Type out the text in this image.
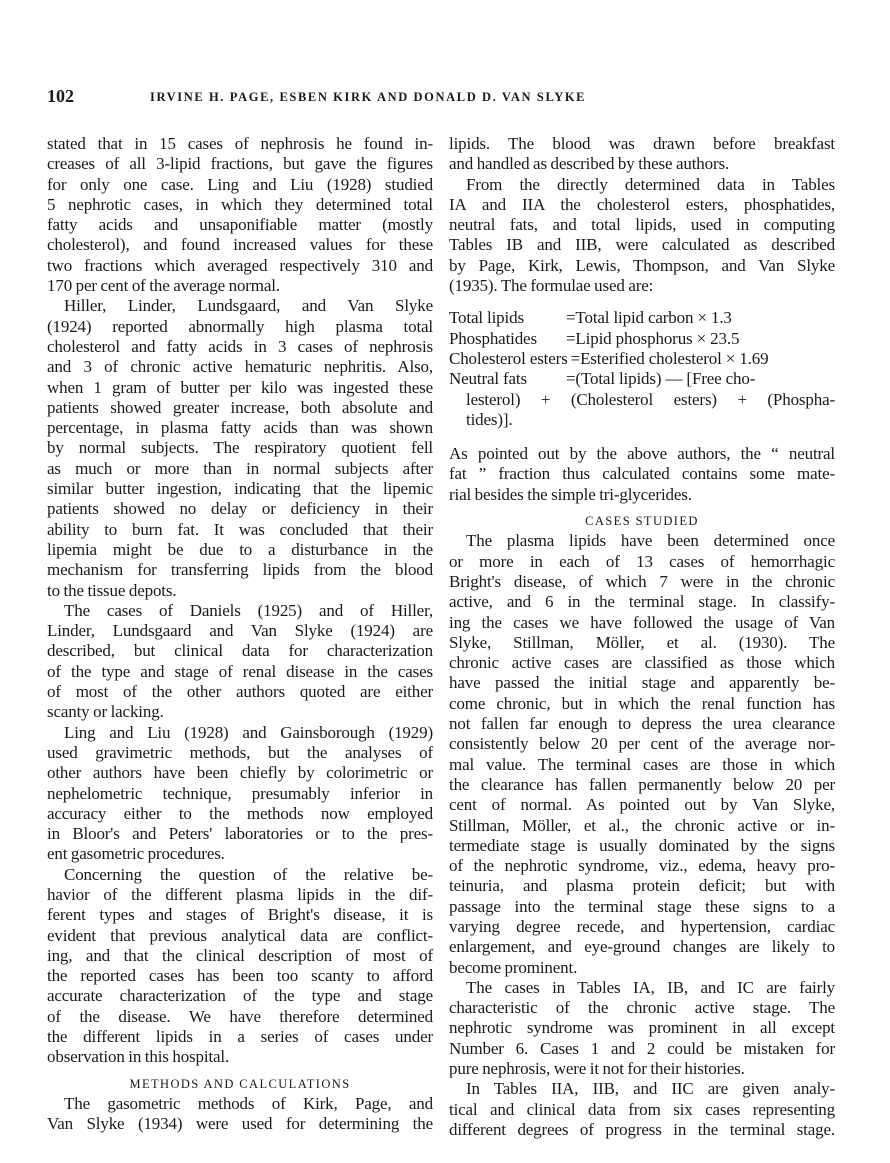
102	IRVINE H. PAGE, ESBEN KIRK AND DONALD D. VAN SLYKE
stated that in 15 cases of nephrosis he found in-
creases of all 3-lipid fractions, but gave the figures
for only one case. Ling and Liu (1928) studied
5 nephrotic cases, in which they determined total
fatty acids and unsaponifiable matter (mostly
cholesterol), and found increased values for these
two fractions which averaged respectively 310 and
170 per cent of the average normal.
Hiller, Linder, Lundsgaard, and Van Slyke
(1924) reported abnormally high plasma total
cholesterol and fatty acids in 3 cases of nephrosis
and 3 of chronic active hematuric nephritis. Also,
when 1 gram of butter per kilo was ingested these
patients showed greater increase, both absolute and
percentage, in plasma fatty acids than was shown
by normal subjects. The respiratory quotient fell
as much or more than in normal subjects after
similar butter ingestion, indicating that the lipemic
patients showed no delay or deficiency in their
ability to burn fat. It was concluded that their
lipemia might be due to a disturbance in the
mechanism for transferring lipids from the blood
to the tissue depots.
The cases of Daniels (1925) and of Hiller,
Linder, Lundsgaard and Van Slyke (1924) are
described, but clinical data for characterization
of the type and stage of renal disease in the cases
of most of the other authors quoted are either
scanty or lacking.
Ling and Liu (1928) and Gainsborough (1929)
used gravimetric methods, but the analyses of
other authors have been chiefly by colorimetric or
nephelometric technique, presumably inferior in
accuracy either to the methods now employed
in Bloor's and Peters' laboratories or to the pres-
ent gasometric procedures.
Concerning the question of the relative be-
havior of the different plasma lipids in the dif-
ferent types and stages of Bright's disease, it is
evident that previous analytical data are conflict-
ing, and that the clinical description of most of
the reported cases has been too scanty to afford
accurate characterization of the type and stage
of the disease. We have therefore determined
the different lipids in a series of cases under
observation in this hospital.
METHODS AND CALCULATIONS
The gasometric methods of Kirk, Page, and
Van Slyke (1934) were used for determining the
lipids. The blood was drawn before breakfast
and handled as described by these authors.
From the directly determined data in Tables
IA and IIA the cholesterol esters, phosphatides,
neutral fats, and total lipids, used in computing
Tables IB and IIB, were calculated as described
by Page, Kirk, Lewis, Thompson, and Van Slyke
(1935). The formulae used are:
Total lipids	=Total lipid carbon × 1.3
Phosphatides	=Lipid phosphorus × 23.5
Cholesterol esters =Esterified cholesterol × 1.69
Neutral fats	=(Total lipids) — [Free cho-
lesterol) + (Cholesterol esters) + (Phospha-
tides)].
As pointed out by the above authors, the “ neutral
fat ” fraction thus calculated contains some mate-
rial besides the simple tri-glycerides.
CASES STUDIED
The plasma lipids have been determined once
or more in each of 13 cases of hemorrhagic
Bright's disease, of which 7 were in the chronic
active, and 6 in the terminal stage. In classify-
ing the cases we have followed the usage of Van
Slyke, Stillman, Möller, et al. (1930). The
chronic active cases are classified as those which
have passed the initial stage and apparently be-
come chronic, but in which the renal function has
not fallen far enough to depress the urea clearance
consistently below 20 per cent of the average nor-
mal value. The terminal cases are those in which
the clearance has fallen permanently below 20 per
cent of normal. As pointed out by Van Slyke,
Stillman, Möller, et al., the chronic active or in-
termediate stage is usually dominated by the signs
of the nephrotic syndrome, viz., edema, heavy pro-
teinuria, and plasma protein deficit; but with
passage into the terminal stage these signs to a
varying degree recede, and hypertension, cardiac
enlargement, and eye-ground changes are likely to
become prominent.
The cases in Tables IA, IB, and IC are fairly
characteristic of the chronic active stage. The
nephrotic syndrome was prominent in all except
Number 6. Cases 1 and 2 could be mistaken for
pure nephrosis, were it not for their histories.
In Tables IIA, IIB, and IIC are given analy-
tical and clinical data from six cases representing
different degrees of progress in the terminal stage.
